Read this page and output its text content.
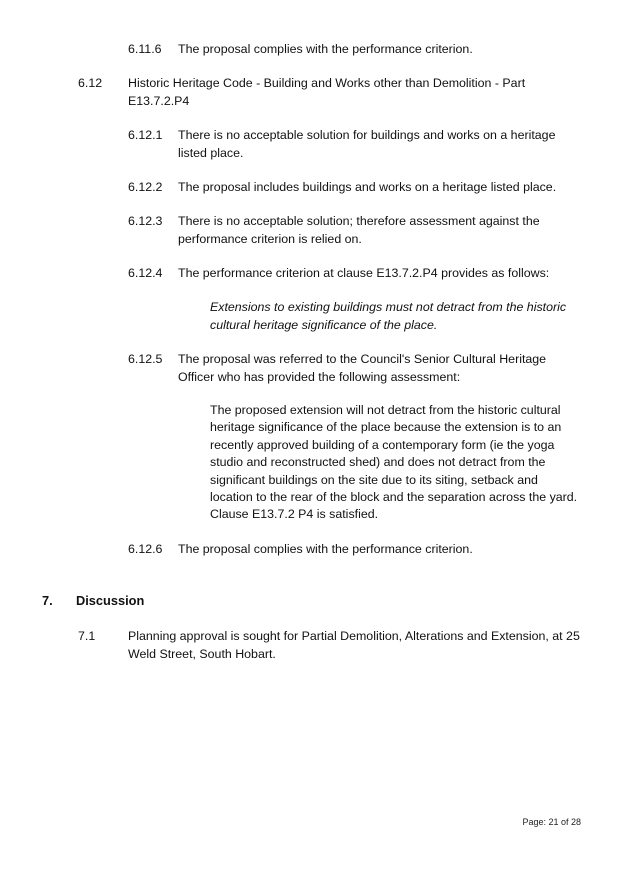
6.11.6 The proposal complies with the performance criterion.
6.12 Historic Heritage Code - Building and Works other than Demolition - Part E13.7.2.P4
6.12.1 There is no acceptable solution for buildings and works on a heritage listed place.
6.12.2 The proposal includes buildings and works on a heritage listed place.
6.12.3 There is no acceptable solution; therefore assessment against the performance criterion is relied on.
6.12.4 The performance criterion at clause E13.7.2.P4 provides as follows:
Extensions to existing buildings must not detract from the historic cultural heritage significance of the place.
6.12.5 The proposal was referred to the Council's Senior Cultural Heritage Officer who has provided the following assessment:
The proposed extension will not detract from the historic cultural heritage significance of the place because the extension is to an recently approved building of a contemporary form (ie the yoga studio and reconstructed shed) and does not detract from the significant buildings on the site due to its siting, setback and location to the rear of the block and the separation across the yard. Clause E13.7.2 P4 is satisfied.
6.12.6 The proposal complies with the performance criterion.
7. Discussion
7.1	Planning approval is sought for Partial Demolition, Alterations and Extension, at 25 Weld Street, South Hobart.
Page: 21 of 28
